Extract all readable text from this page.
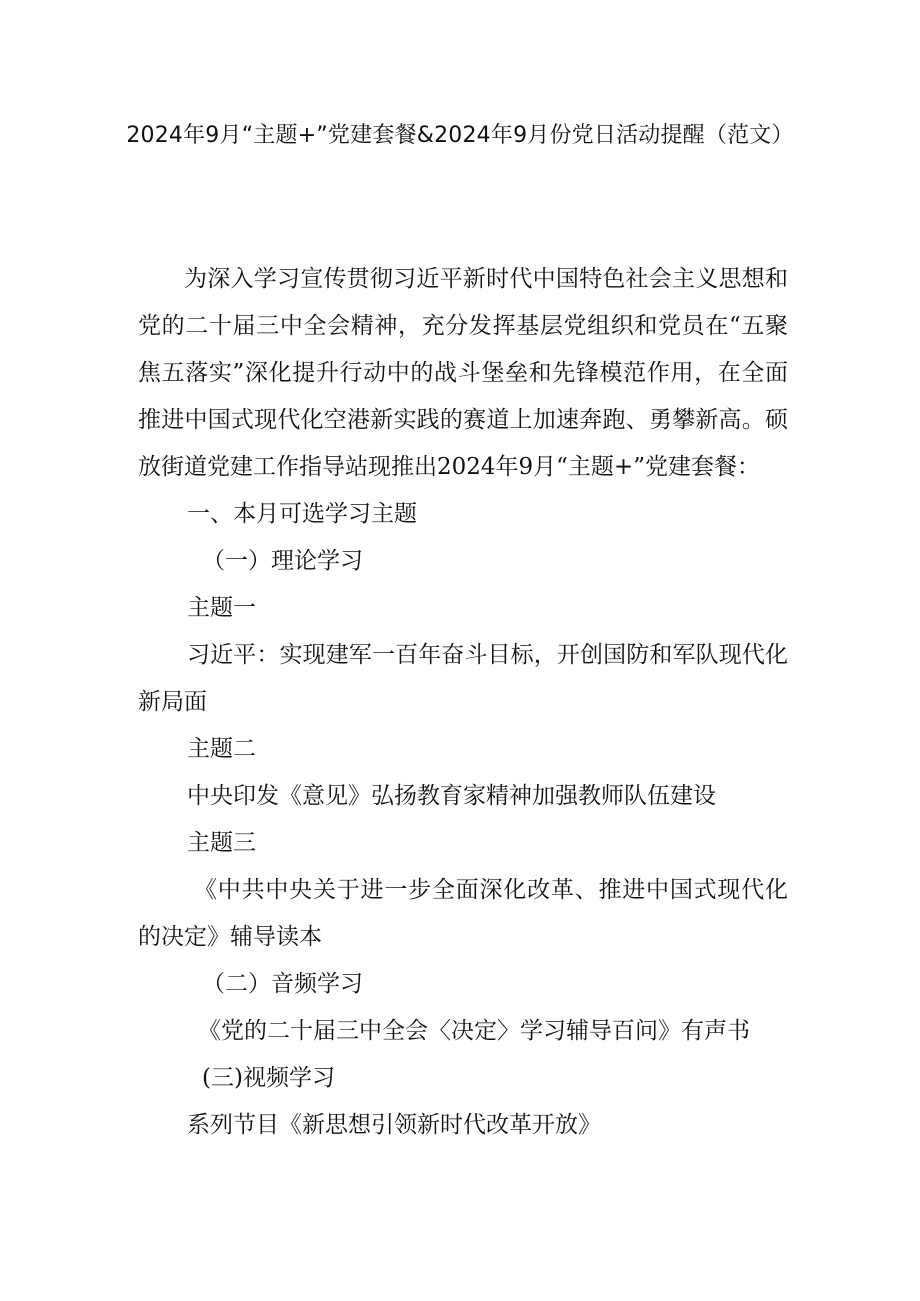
2024年9月“主题+”党建套餐&2024年9月份党日活动提醒（范文）

为深入学习宣传贯彻习近平新时代中国特色社会主义思想和党的二十届三中全会精神，充分发挥基层党组织和党员在“五聚焦五落实”深化提升行动中的战斗堡垒和先锋模范作用，在全面推进中国式现代化空港新实践的赛道上加速奔跑、勇攀新高。硕放街道党建工作指导站现推出2024年9月“主题+”党建套餐：

一、本月可选学习主题

（一）理论学习

主题一

习近平：实现建军一百年奋斗目标，开创国防和军队现代化新局面

主题二

中央印发《意见》弘扬教育家精神加强教师队伍建设

主题三

《中共中央关于进一步全面深化改革、推进中国式现代化的决定》辅导读本

（二）音频学习

《党的二十届三中全会〈决定〉学习辅导百问》有声书

(三)视频学习

系列节目《新思想引领新时代改革开放》
